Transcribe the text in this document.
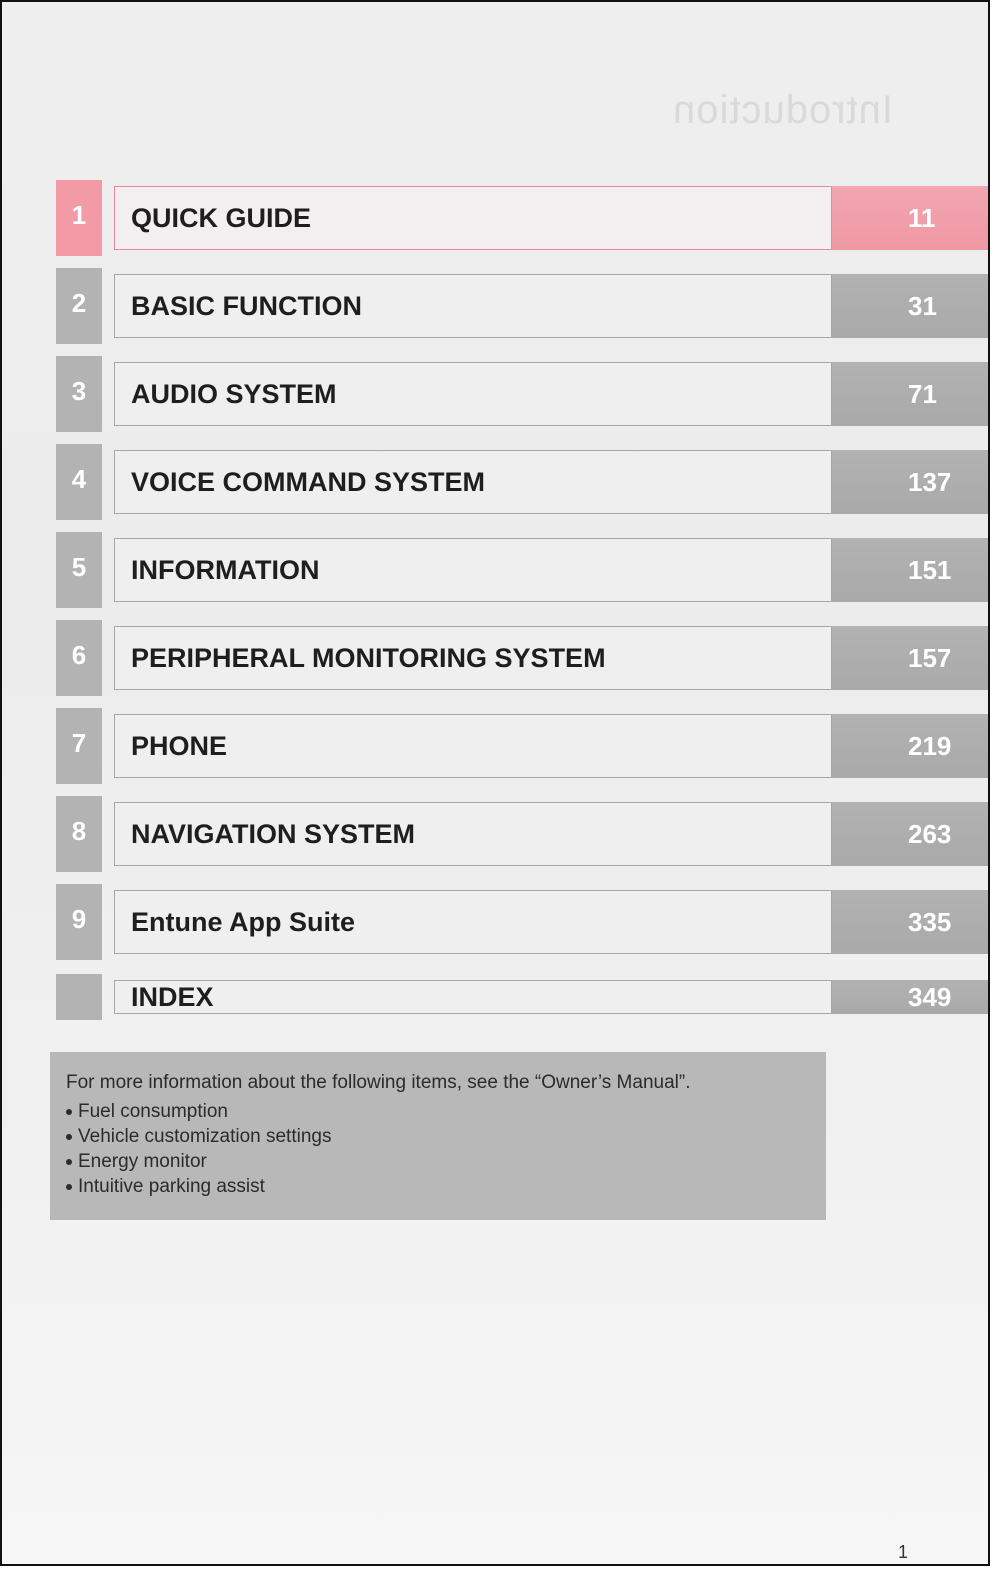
Introduction
1	QUICK GUIDE	11
2	BASIC FUNCTION	31
3	AUDIO SYSTEM	71
4	VOICE COMMAND SYSTEM	137
5	INFORMATION	151
6	PERIPHERAL MONITORING SYSTEM	157
7	PHONE	219
8	NAVIGATION SYSTEM	263
9	Entune App Suite	335
INDEX	349

For more information about the following items, see the “Owner’s Manual”.

Fuel consumption
Vehicle customization settings
Energy monitor
Intuitive parking assist
1
